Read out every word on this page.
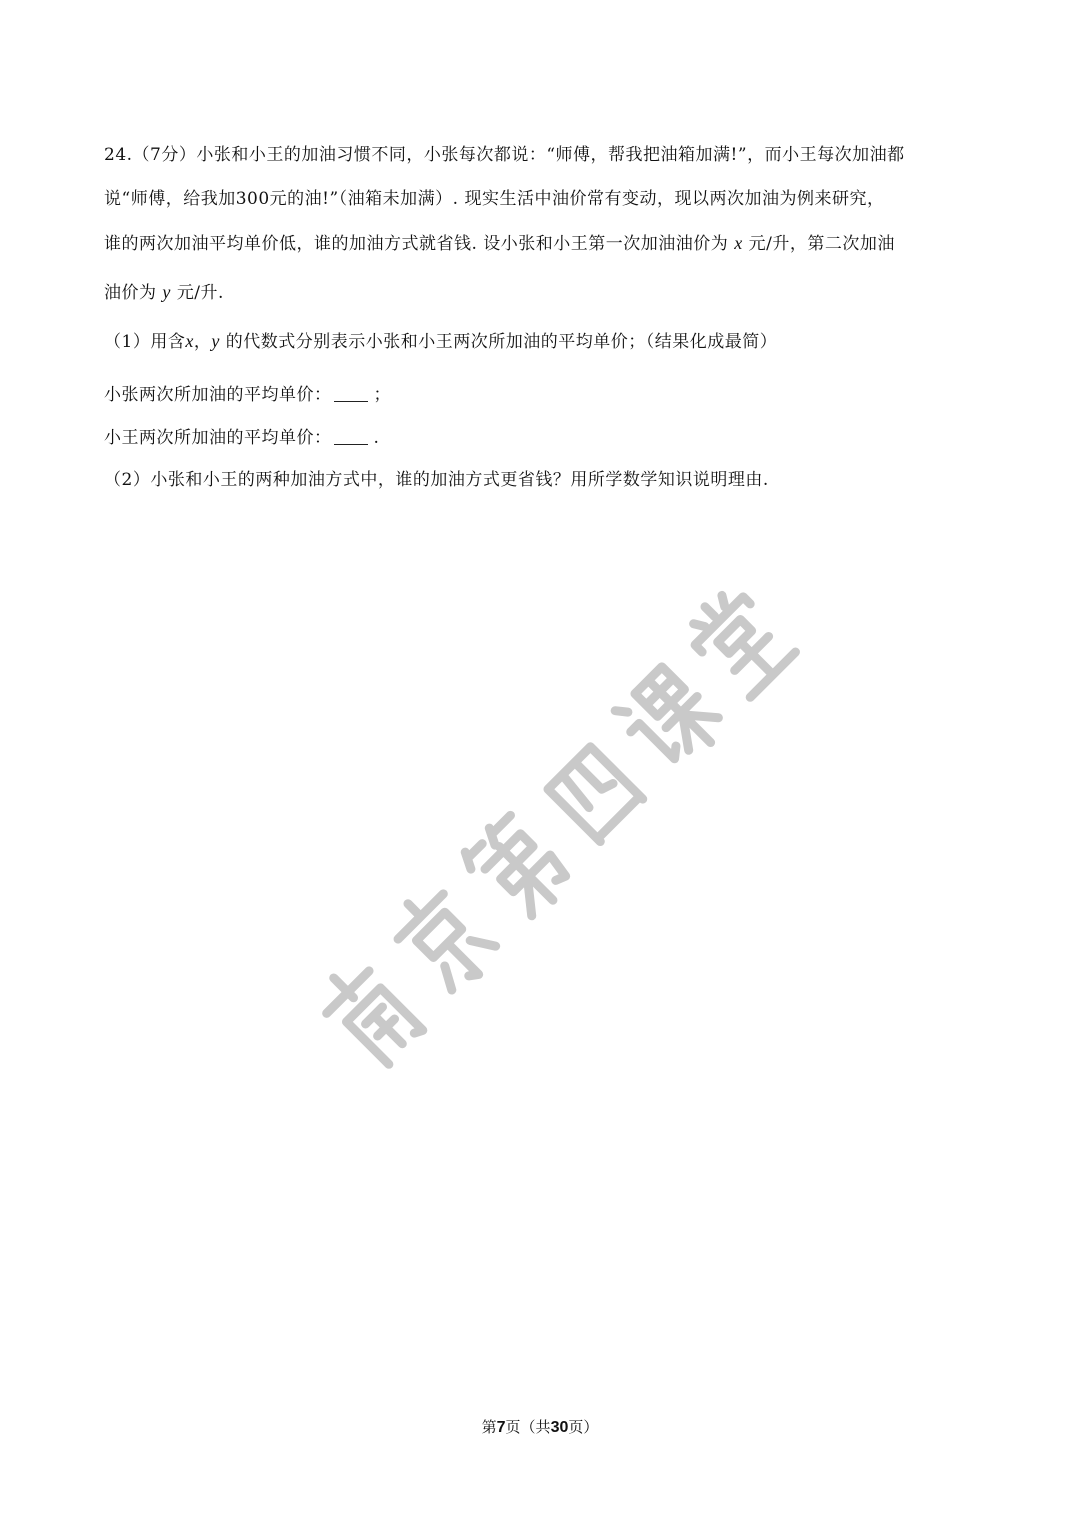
24.（7分）小张和小王的加油习惯不同，小张每次都说：“师傅，帮我把油箱加满!”，而小王每次加油都
说“师傅，给我加300元的油!”（油箱未加满）. 现实生活中油价常有变动，现以两次加油为例来研究，
谁的两次加油平均单价低，谁的加油方式就省钱. 设小张和小王第一次加油油价为 x 元/升，第二次加油
油价为 y 元/升.
（1）用含x，y 的代数式分别表示小张和小王两次所加油的平均单价；（结果化成最简）
小张两次所加油的平均单价： ；
小王两次所加油的平均单价： .
（2）小张和小王的两种加油方式中，谁的加油方式更省钱？用所学数学知识说明理由.
第7页（共30页）
